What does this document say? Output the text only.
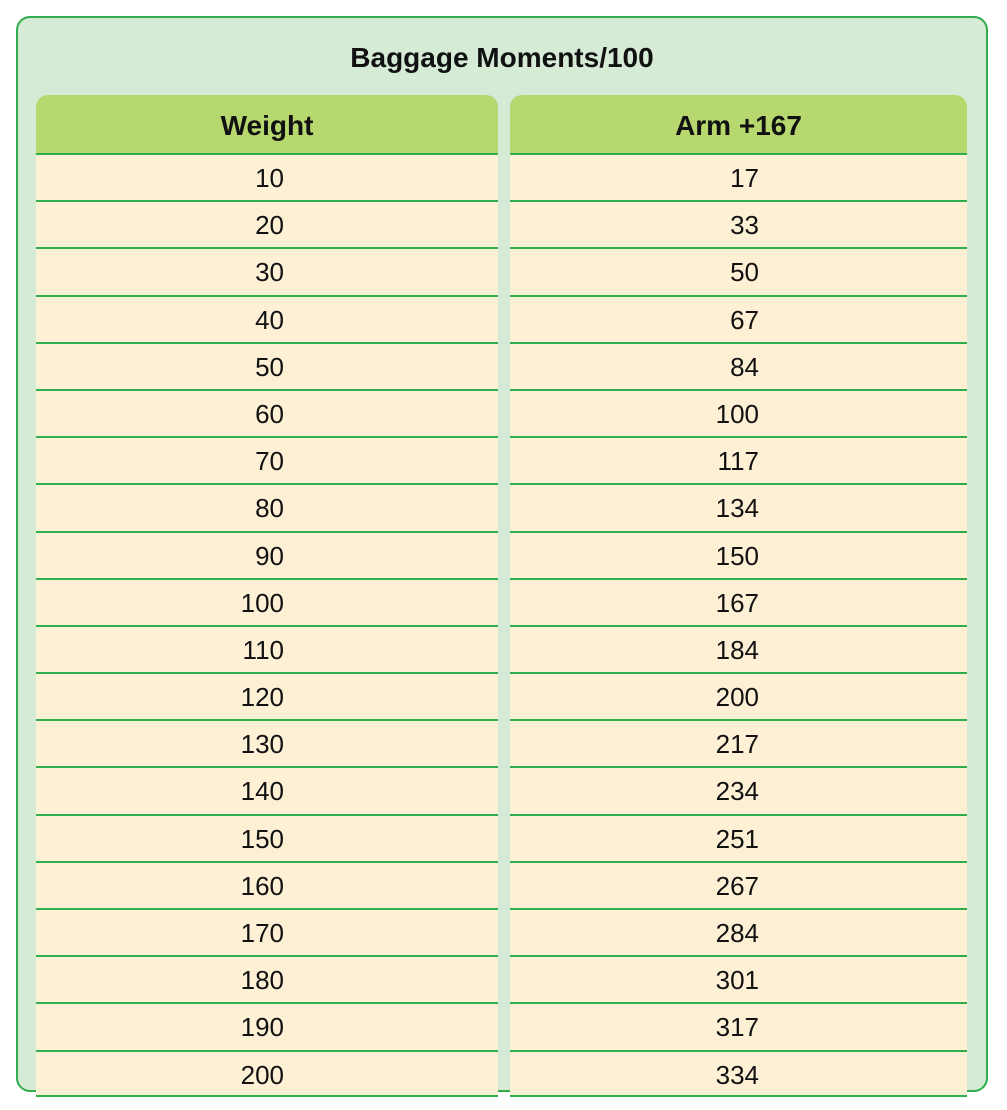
Baggage Moments/100
Weight
10
20
30
40
50
60
70
80
90
100
110
120
130
140
150
160
170
180
190
200
Arm +167
17
33
50
67
84
100
117
134
150
167
184
200
217
234
251
267
284
301
317
334
